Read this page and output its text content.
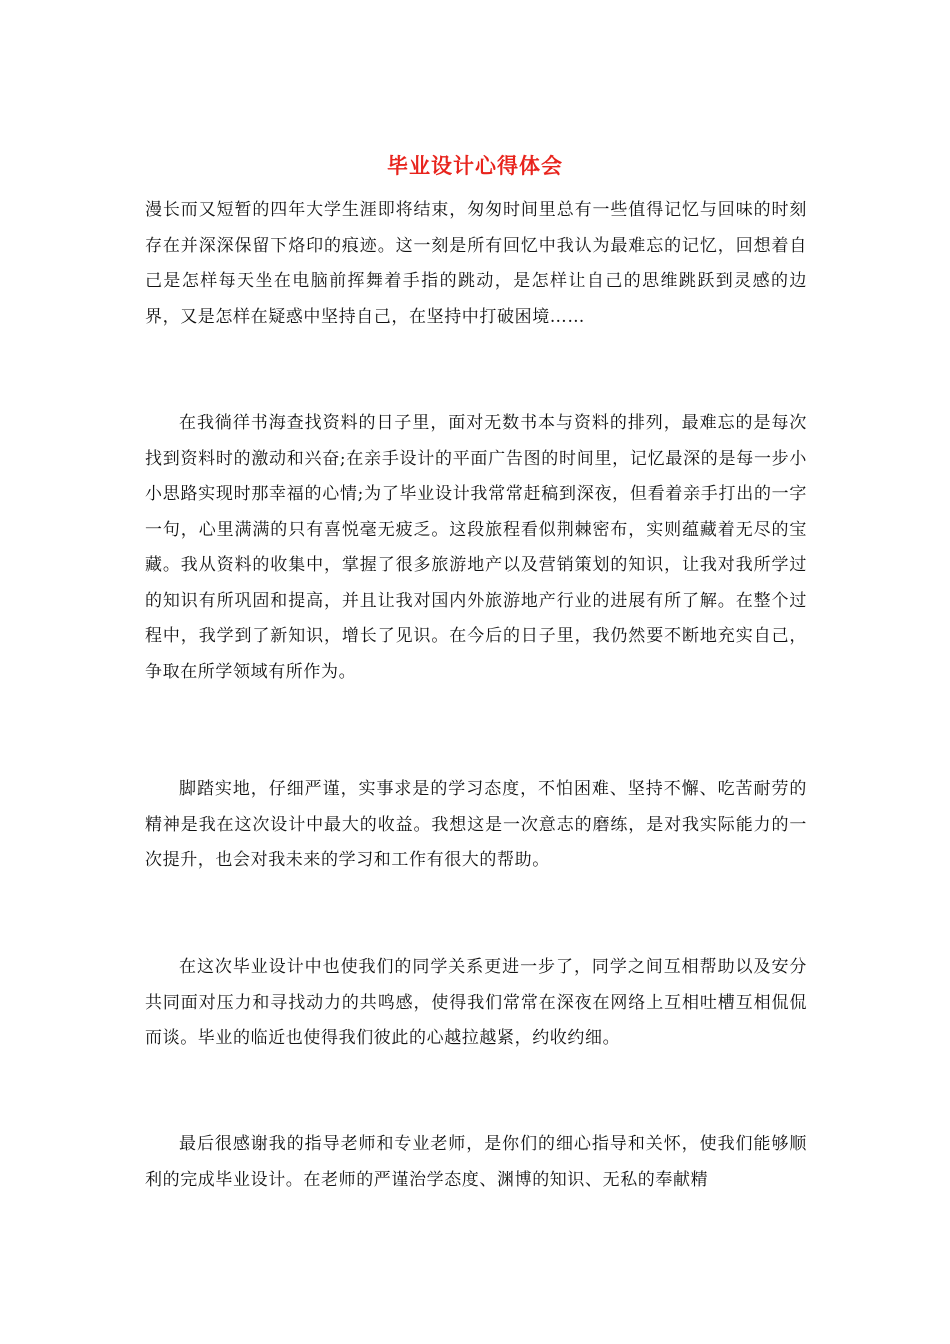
毕业设计心得体会

漫长而又短暂的四年大学生涯即将结束，匆匆时间里总有一些值得记忆与回味的时刻存在并深深保留下烙印的痕迹。这一刻是所有回忆中我认为最难忘的记忆，回想着自己是怎样每天坐在电脑前挥舞着手指的跳动，是怎样让自己的思维跳跃到灵感的边界，又是怎样在疑惑中坚持自己，在坚持中打破困境……

在我徜徉书海查找资料的日子里，面对无数书本与资料的排列，最难忘的是每次找到资料时的激动和兴奋;在亲手设计的平面广告图的时间里，记忆最深的是每一步小小思路实现时那幸福的心情;为了毕业设计我常常赶稿到深夜，但看着亲手打出的一字一句，心里满满的只有喜悦毫无疲乏。这段旅程看似荆棘密布，实则蕴藏着无尽的宝藏。我从资料的收集中，掌握了很多旅游地产以及营销策划的知识，让我对我所学过的知识有所巩固和提高，并且让我对国内外旅游地产行业的进展有所了解。在整个过程中，我学到了新知识，增长了见识。在今后的日子里，我仍然要不断地充实自己，争取在所学领域有所作为。

脚踏实地，仔细严谨，实事求是的学习态度，不怕困难、坚持不懈、吃苦耐劳的精神是我在这次设计中最大的收益。我想这是一次意志的磨练，是对我实际能力的一次提升，也会对我未来的学习和工作有很大的帮助。

在这次毕业设计中也使我们的同学关系更进一步了，同学之间互相帮助以及安分共同面对压力和寻找动力的共鸣感，使得我们常常在深夜在网络上互相吐槽互相侃侃而谈。毕业的临近也使得我们彼此的心越拉越紧，约收约细。

最后很感谢我的指导老师和专业老师，是你们的细心指导和关怀，使我们能够顺利的完成毕业设计。在老师的严谨治学态度、渊博的知识、无私的奉献精
